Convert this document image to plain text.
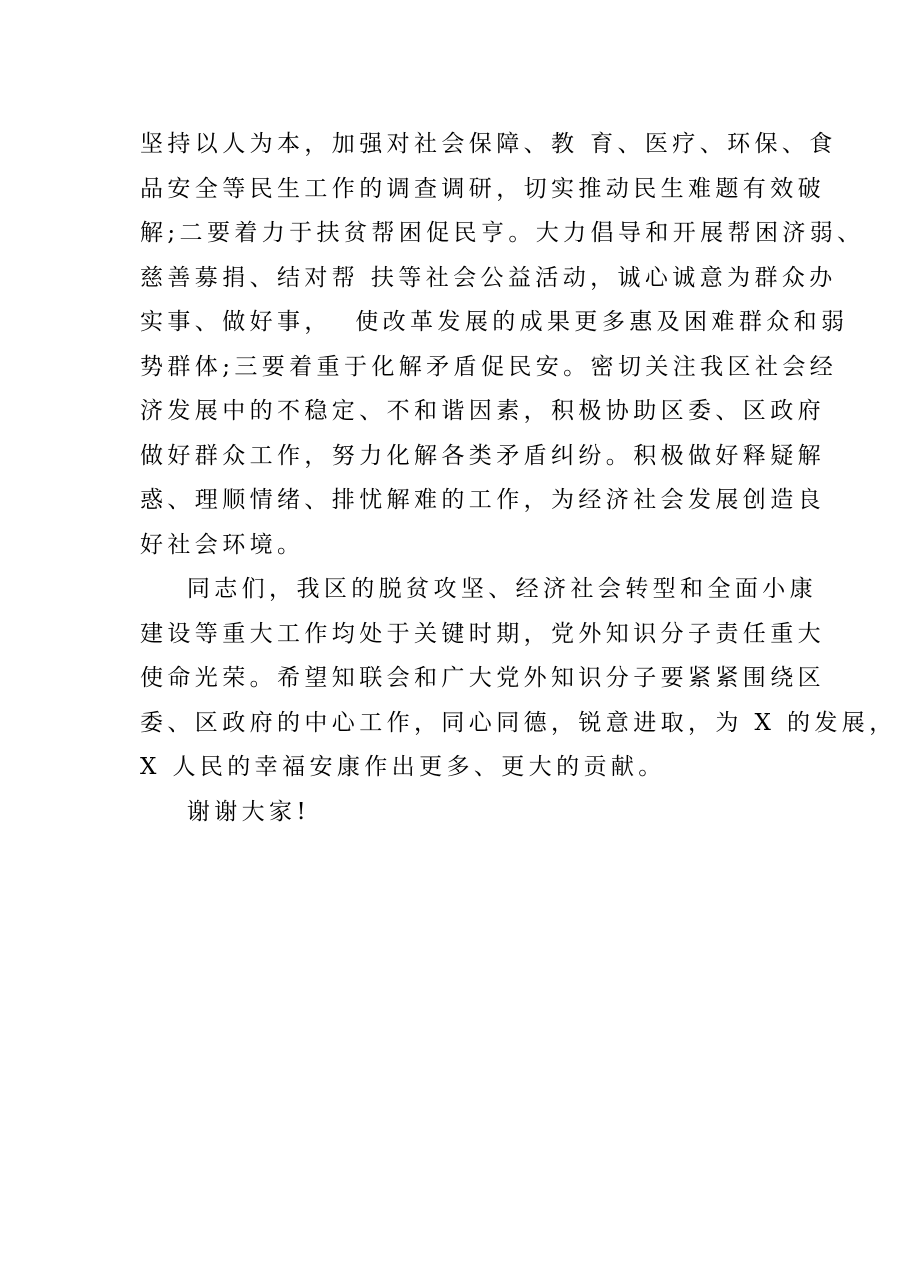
坚持以人为本，加强对社会保障、教 育、医疗、环保、食
品安全等民生工作的调查调研，切实推动民生难题有效破
解;二要着力于扶贫帮困促民亨。大力倡导和开展帮困济弱、
慈善募捐、结对帮 扶等社会公益活动，诚心诚意为群众办
实事、做好事，  使改革发展的成果更多惠及困难群众和弱
势群体;三要着重于化解矛盾促民安。密切关注我区社会经
济发展中的不稳定、不和谐因素，积极协助区委、区政府
做好群众工作，努力化解各类矛盾纠纷。积极做好释疑解
惑、理顺情绪、排忧解难的工作，为经济社会发展创造良
好社会环境。
同志们，我区的脱贫攻坚、经济社会转型和全面小康
建设等重大工作均处于关键时期，党外知识分子责任重大
使命光荣。希望知联会和广大党外知识分子要紧紧围绕区
委、区政府的中心工作，同心同德，锐意进取，为 X 的发展，
X 人民的幸福安康作出更多、更大的贡献。
谢谢大家!
